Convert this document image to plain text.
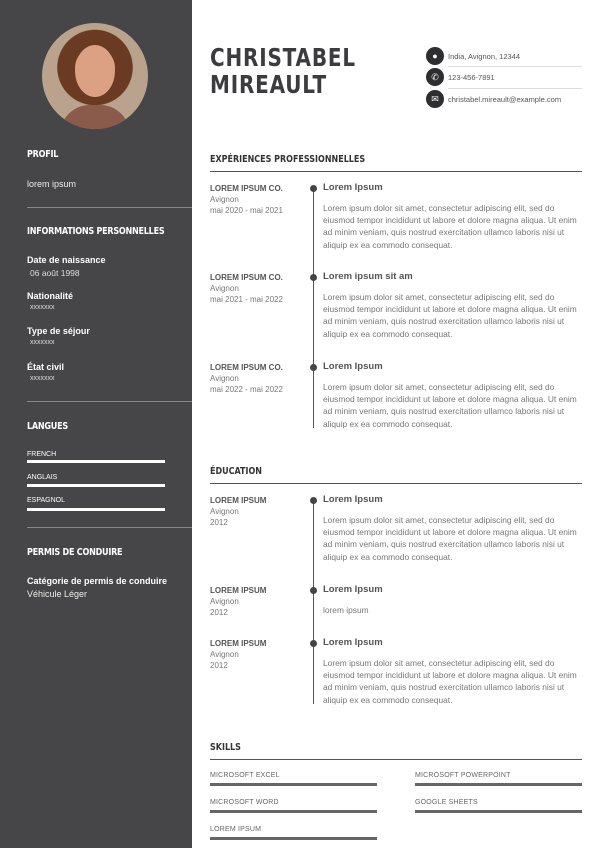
PROFIL
lorem ipsum
INFORMATIONS PERSONNELLES
Date de naissance
06 août 1998
Nationalité
xxxxxxx
Type de séjour
xxxxxxx
État civil
xxxxxxx
LANGUES
FRENCH
ANGLAIS
ESPAGNOL
PERMIS DE CONDUIRE
Catégorie de permis de conduire
Véhicule Léger
CHRISTABEL
MIREAULT
●	India, Avignon, 12344
✆	123-456-7891
✉	christabel.mireault@example.com
EXPÉRIENCES PROFESSIONNELLES
LOREM IPSUM CO.
Avignon
mai 2020 - mai 2021
Lorem Ipsum
Lorem ipsum dolor sit amet, consectetur adipiscing elit, sed do eiusmod tempor incididunt ut labore et dolore magna aliqua. Ut enim ad minim veniam, quis nostrud exercitation ullamco laboris nisi ut aliquip ex ea commodo consequat.
LOREM IPSUM CO.
Avignon
mai 2021 - mai 2022
Lorem ipsum sit am
Lorem ipsum dolor sit amet, consectetur adipiscing elit, sed do eiusmod tempor incididunt ut labore et dolore magna aliqua. Ut enim ad minim veniam, quis nostrud exercitation ullamco laboris nisi ut aliquip ex ea commodo consequat.
LOREM IPSUM CO.
Avignon
mai 2022 - mai 2022
Lorem Ipsum
Lorem ipsum dolor sit amet, consectetur adipiscing elit, sed do eiusmod tempor incididunt ut labore et dolore magna aliqua. Ut enim ad minim veniam, quis nostrud exercitation ullamco laboris nisi ut aliquip ex ea commodo consequat.
ÉDUCATION
LOREM IPSUM
Avignon
2012
Lorem Ipsum
Lorem ipsum dolor sit amet, consectetur adipiscing elit, sed do eiusmod tempor incididunt ut labore et dolore magna aliqua. Ut enim ad minim veniam, quis nostrud exercitation ullamco laboris nisi ut aliquip ex ea commodo consequat.
LOREM IPSUM
Avignon
2012
Lorem Ipsum
lorem ipsum
LOREM IPSUM
Avignon
2012
Lorem Ipsum
Lorem ipsum dolor sit amet, consectetur adipiscing elit, sed do eiusmod tempor incididunt ut labore et dolore magna aliqua. Ut enim ad minim veniam, quis nostrud exercitation ullamco laboris nisi ut aliquip ex ea commodo consequat.
SKILLS
MICROSOFT EXCEL	MICROSOFT POWERPOINT
MICROSOFT WORD	GOOGLE SHEETS
LOREM IPSUM
